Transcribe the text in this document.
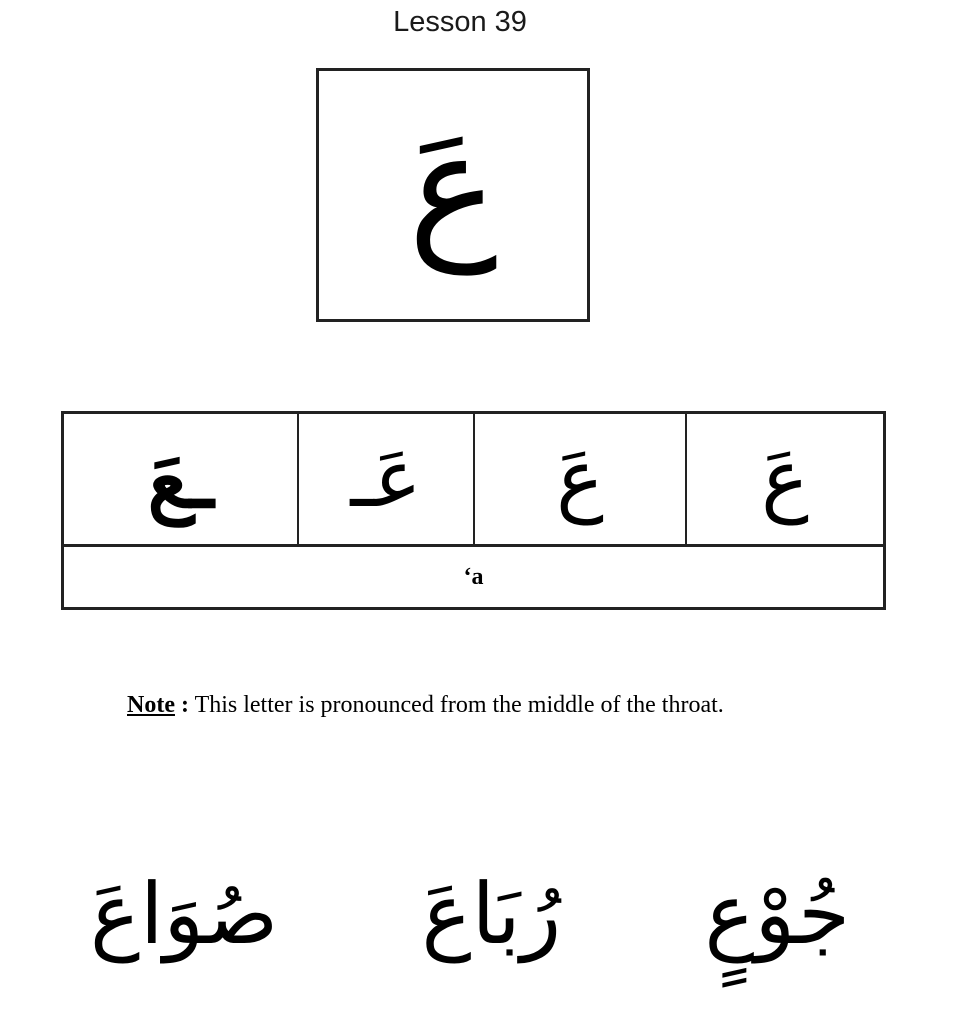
Lesson 39
عَ
ـعَ عَـ عَ عَ
‘a
Note : This letter is pronounced from the middle of the throat.
جُوْعٍ
رُبَاعَ
صُوَاعَ
